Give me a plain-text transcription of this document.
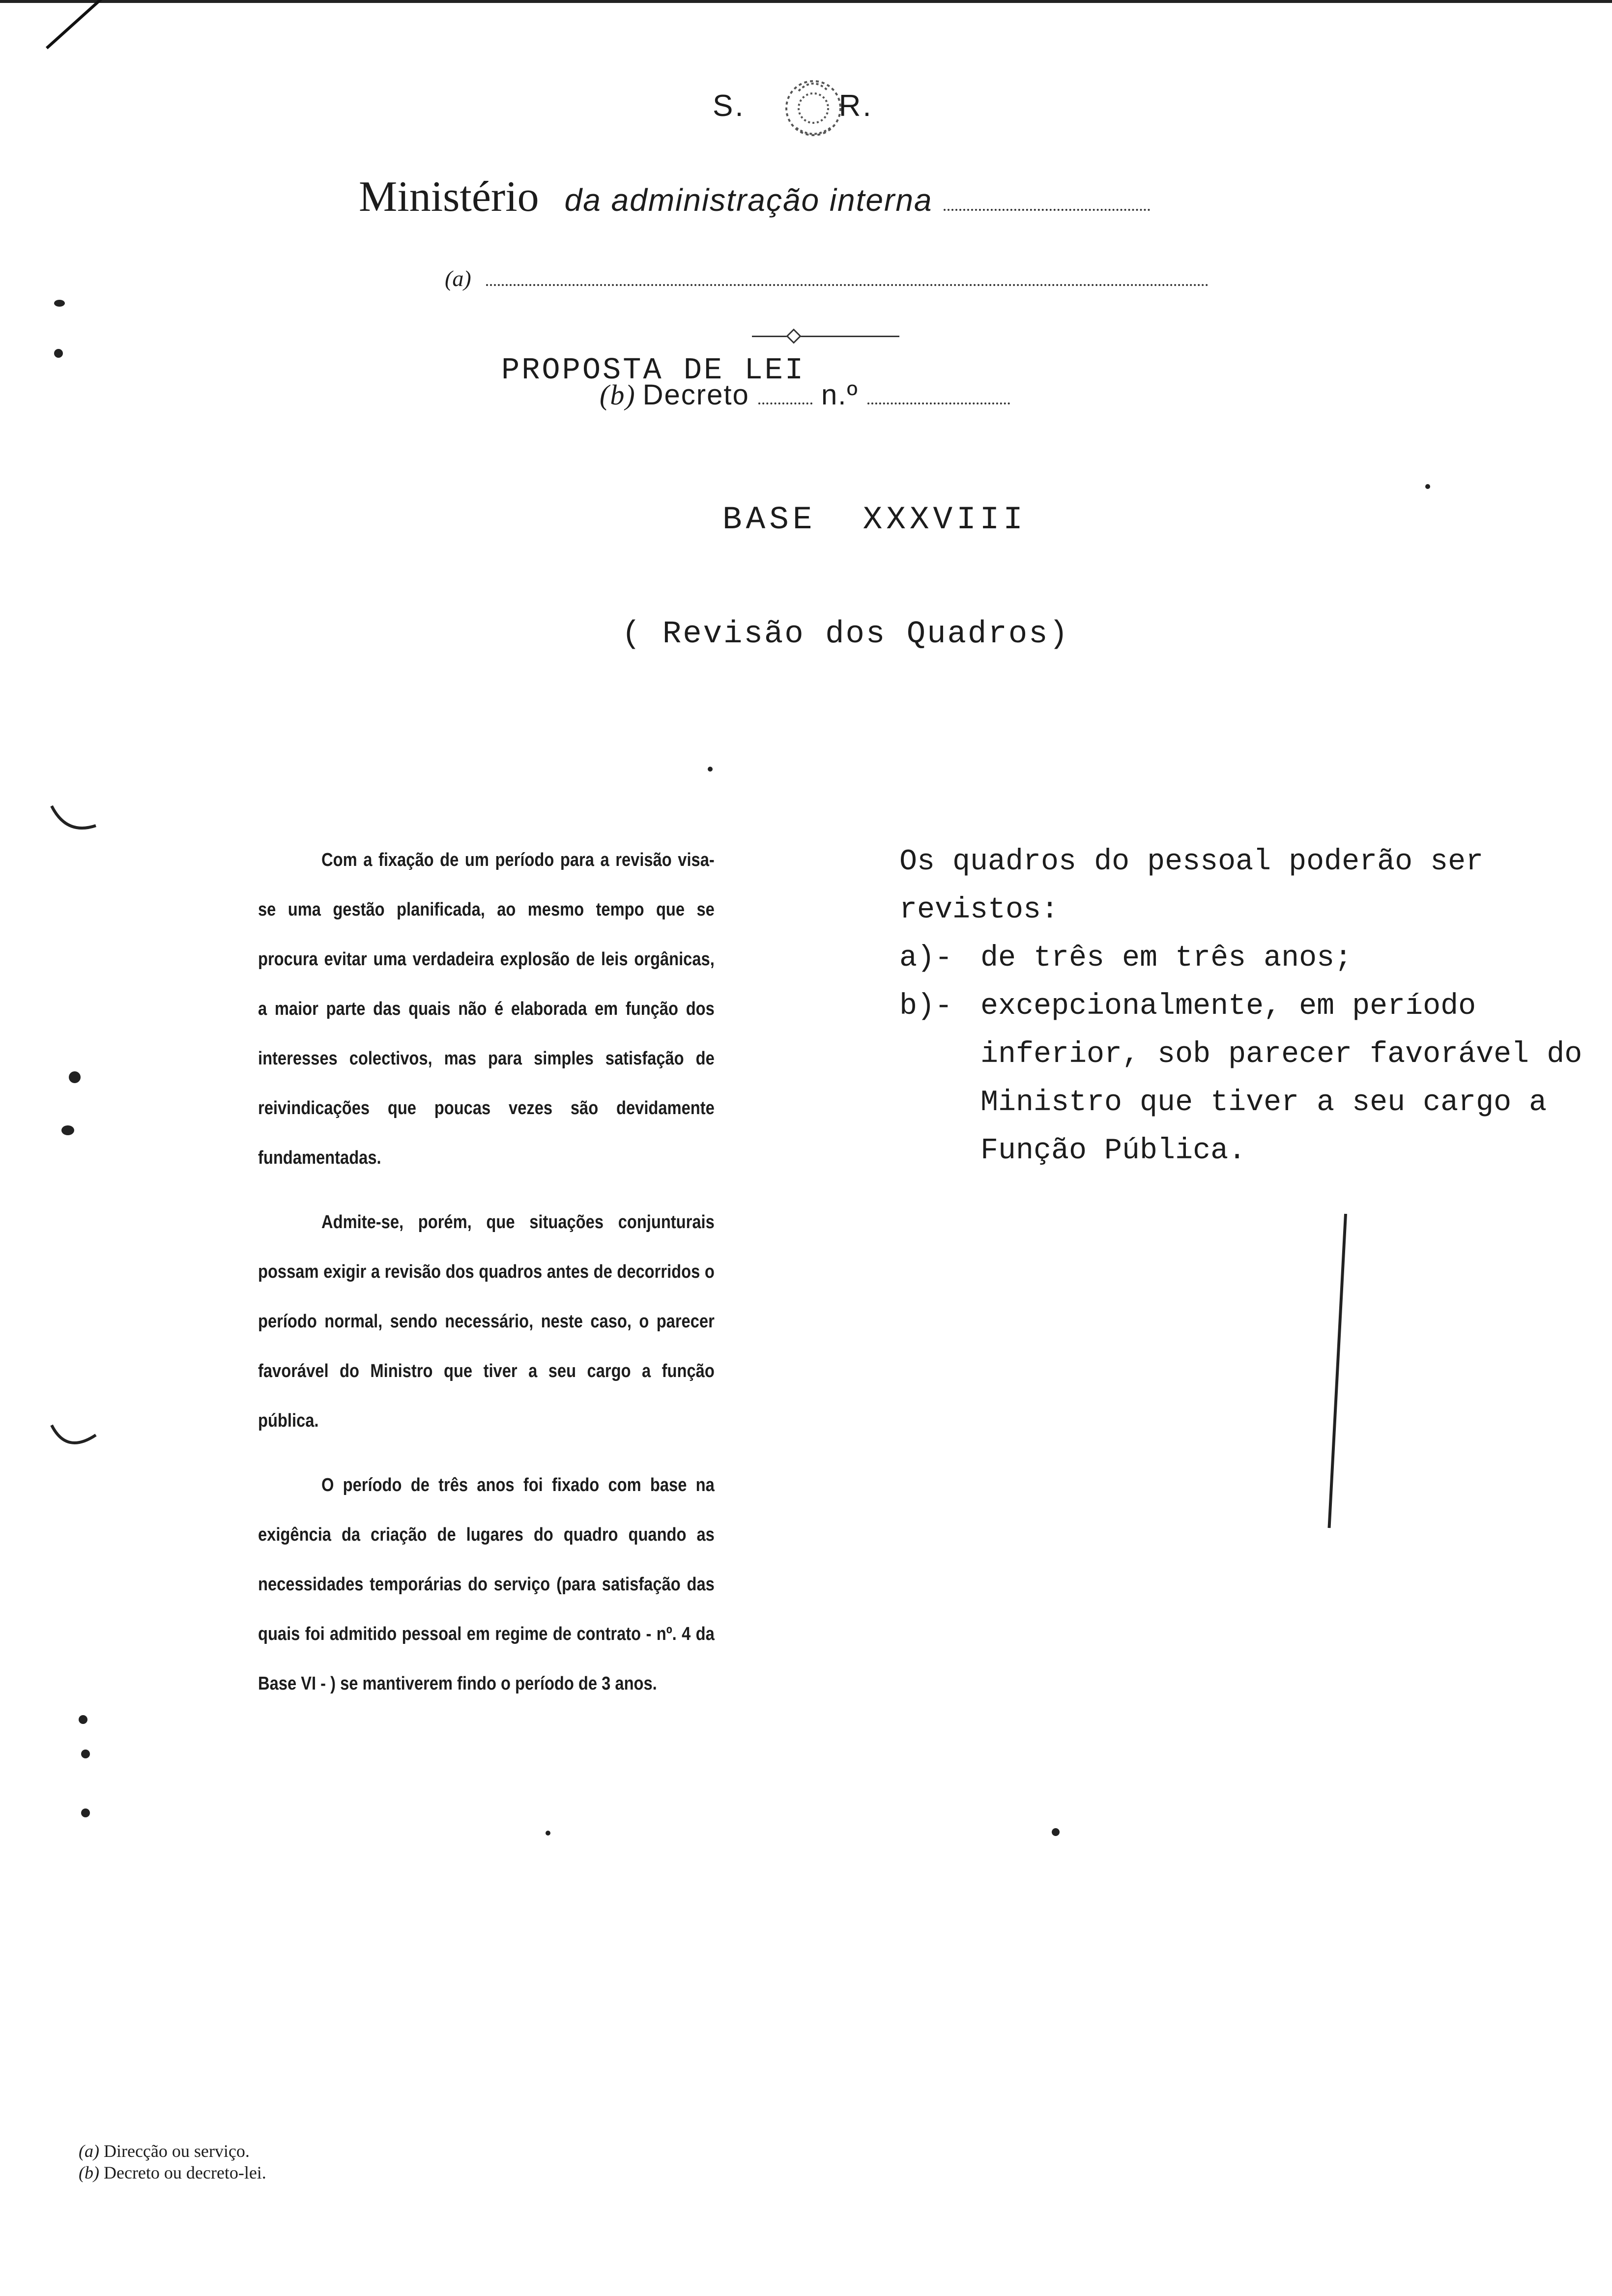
S.	R.
Ministério da administração interna
(a)
PROPOSTA DE LEI
(b) Decreto	n.º
BASE  XXXVIII
( Revisão dos Quadros)

Com a fixação de um período para a revisão visa-se uma gestão planificada, ao mesmo tempo que se procura evitar uma verdadeira explosão de leis orgânicas, a maior parte das quais não é elaborada em função dos interesses colectivos, mas para simples satisfação de reivindicações que poucas vezes são devidamente fundamentadas.

Admite-se, porém, que situações conjunturais possam exigir a revisão dos quadros antes de decorridos o período normal, sendo necessário, neste caso, o parecer favorável do Ministro que tiver a seu cargo a função pública.

O período de três anos foi fixado com base na exigência da criação de lugares do quadro quando as necessidades temporárias do serviço (para satisfação das quais foi admitido pessoal em regime de contrato - nº. 4 da Base VI - ) se mantiverem findo o período de 3 anos.

Os quadros do pessoal poderão ser revistos:
a)- de três em três anos;
b)- excepcionalmente, em período inferior, sob parecer favorável do Ministro que tiver a seu cargo a Função Pública.
(a) Direcção ou serviço.
(b) Decreto ou decreto-lei.
